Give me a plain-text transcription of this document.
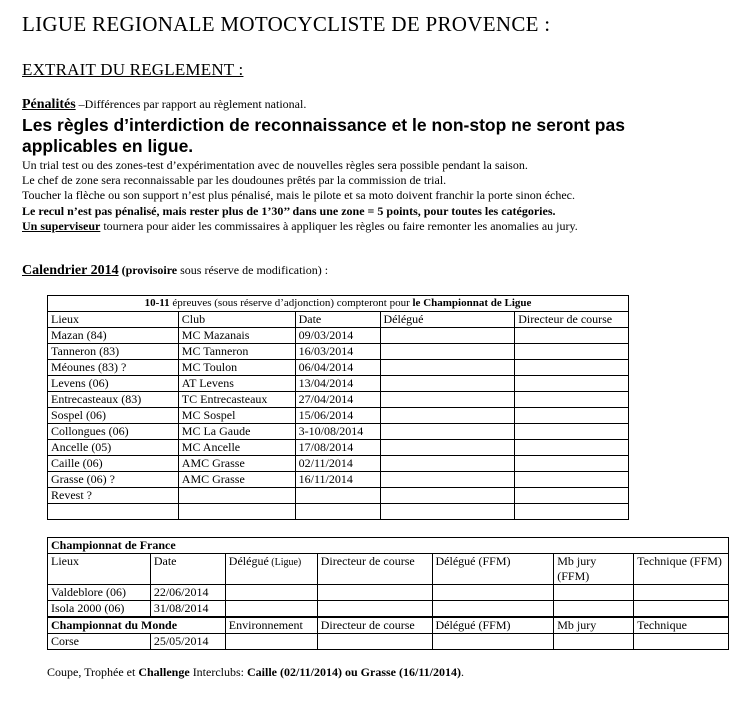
LIGUE REGIONALE MOTOCYCLISTE DE PROVENCE :
EXTRAIT DU REGLEMENT :
Pénalités –Différences par rapport au règlement national.
Les règles d’interdiction de reconnaissance et le non-stop ne seront pas applicables en ligue.
Un trial test ou des zones-test d’expérimentation avec de nouvelles règles sera possible pendant la saison.
Le chef de zone sera reconnaissable par les doudounes prêtés par la commission de trial.
Toucher la flèche ou son support n’est plus pénalisé, mais le pilote et sa moto doivent franchir la porte sinon échec.
Le recul n’est pas pénalisé, mais rester plus de 1’30’’ dans une zone = 5 points, pour toutes les catégories.
Un superviseur tournera pour aider les commissaires à appliquer les règles ou faire remonter les anomalies au jury.
Calendrier 2014 (provisoire sous réserve de modification) :
10-11 épreuves (sous réserve d’adjonction) compteront pour le Championnat de Ligue				
Lieux	Club	Date	Délégué	Directeur de course
Mazan (84)	MC Mazanais	09/03/2014		
Tanneron (83)	MC Tanneron	16/03/2014		
Méounes (83) ?	MC Toulon	06/04/2014		
Levens (06)	AT Levens	13/04/2014		
Entrecasteaux (83)	TC Entrecasteaux	27/04/2014		
Sospel (06)	MC Sospel	15/06/2014		
Collongues (06)	MC La Gaude	3-10/08/2014		
Ancelle (05)	MC Ancelle	17/08/2014		
Caille (06)	AMC Grasse	02/11/2014		
Grasse (06) ?	AMC Grasse	16/11/2014		
Revest ?				

Championnat de France						
Lieux	Date	Délégué (Ligue)	Directeur de course	Délégué (FFM)	Mb jury (FFM)	Technique (FFM)
Valdeblore (06)	22/06/2014					
Isola 2000 (06)	31/08/2014					
Championnat du Monde		Environnement	Directeur de course	Délégué (FFM)	Mb jury	Technique
Corse	25/05/2014					
Coupe, Trophée et Challenge Interclubs: Caille (02/11/2014) ou Grasse (16/11/2014).
